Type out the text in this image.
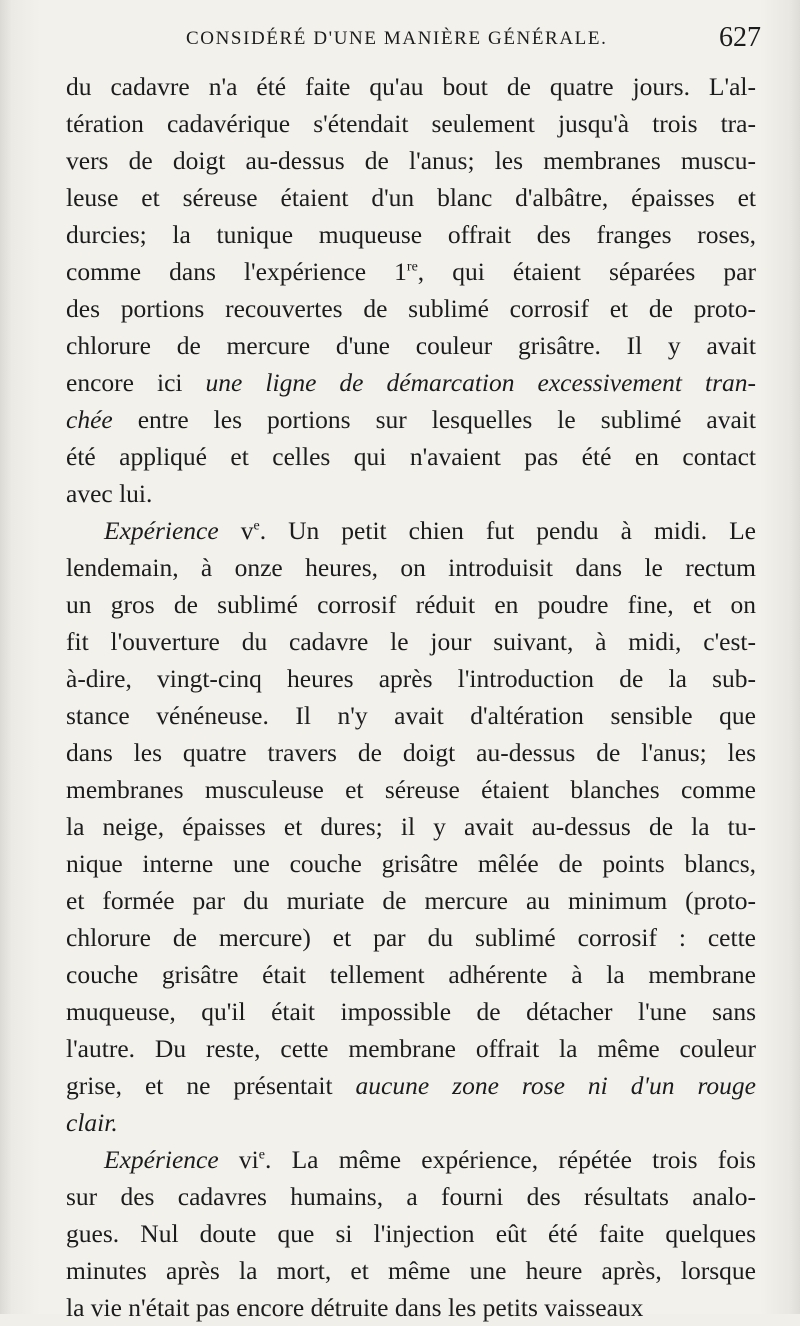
CONSIDÉRÉ D'UNE MANIÈRE GÉNÉRALE.	627
du cadavre n'a été faite qu'au bout de quatre jours. L'al-
tération cadavérique s'étendait seulement jusqu'à trois tra-
vers de doigt au-dessus de l'anus; les membranes muscu-
leuse et séreuse étaient d'un blanc d'albâtre, épaisses et
durcies; la tunique muqueuse offrait des franges roses,
comme dans l'expérience 1re, qui étaient séparées par
des portions recouvertes de sublimé corrosif et de proto-
chlorure de mercure d'une couleur grisâtre. Il y avait
encore ici une ligne de démarcation excessivement tran-
chée entre les portions sur lesquelles le sublimé avait
été appliqué et celles qui n'avaient pas été en contact
avec lui.
Expérience $v^e$. Un petit chien fut pendu à midi. Le
lendemain, à onze heures, on introduisit dans le rectum
un gros de sublimé corrosif réduit en poudre fine, et on
fit l'ouverture du cadavre le jour suivant, à midi, c'est-
à-dire, vingt-cinq heures après l'introduction de la sub-
stance vénéneuse. Il n'y avait d'altération sensible que
dans les quatre travers de doigt au-dessus de l'anus; les
membranes musculeuse et séreuse étaient blanches comme
la neige, épaisses et dures; il y avait au-dessus de la tu-
nique interne une couche grisâtre mêlée de points blancs,
et formée par du muriate de mercure au minimum (proto-
chlorure de mercure) et par du sublimé corrosif : cette
couche grisâtre était tellement adhérente à la membrane
muqueuse, qu'il était impossible de détacher l'une sans
l'autre. Du reste, cette membrane offrait la même couleur
grise, et ne présentait aucune zone rose ni d'un rouge
clair.
Expérience $vi^e$. La même expérience, répétée trois fois
sur des cadavres humains, a fourni des résultats analo-
gues. Nul doute que si l'injection eût été faite quelques
minutes après la mort, et même une heure après, lorsque
la vie n'était pas encore détruite dans les petits vaisseaux
